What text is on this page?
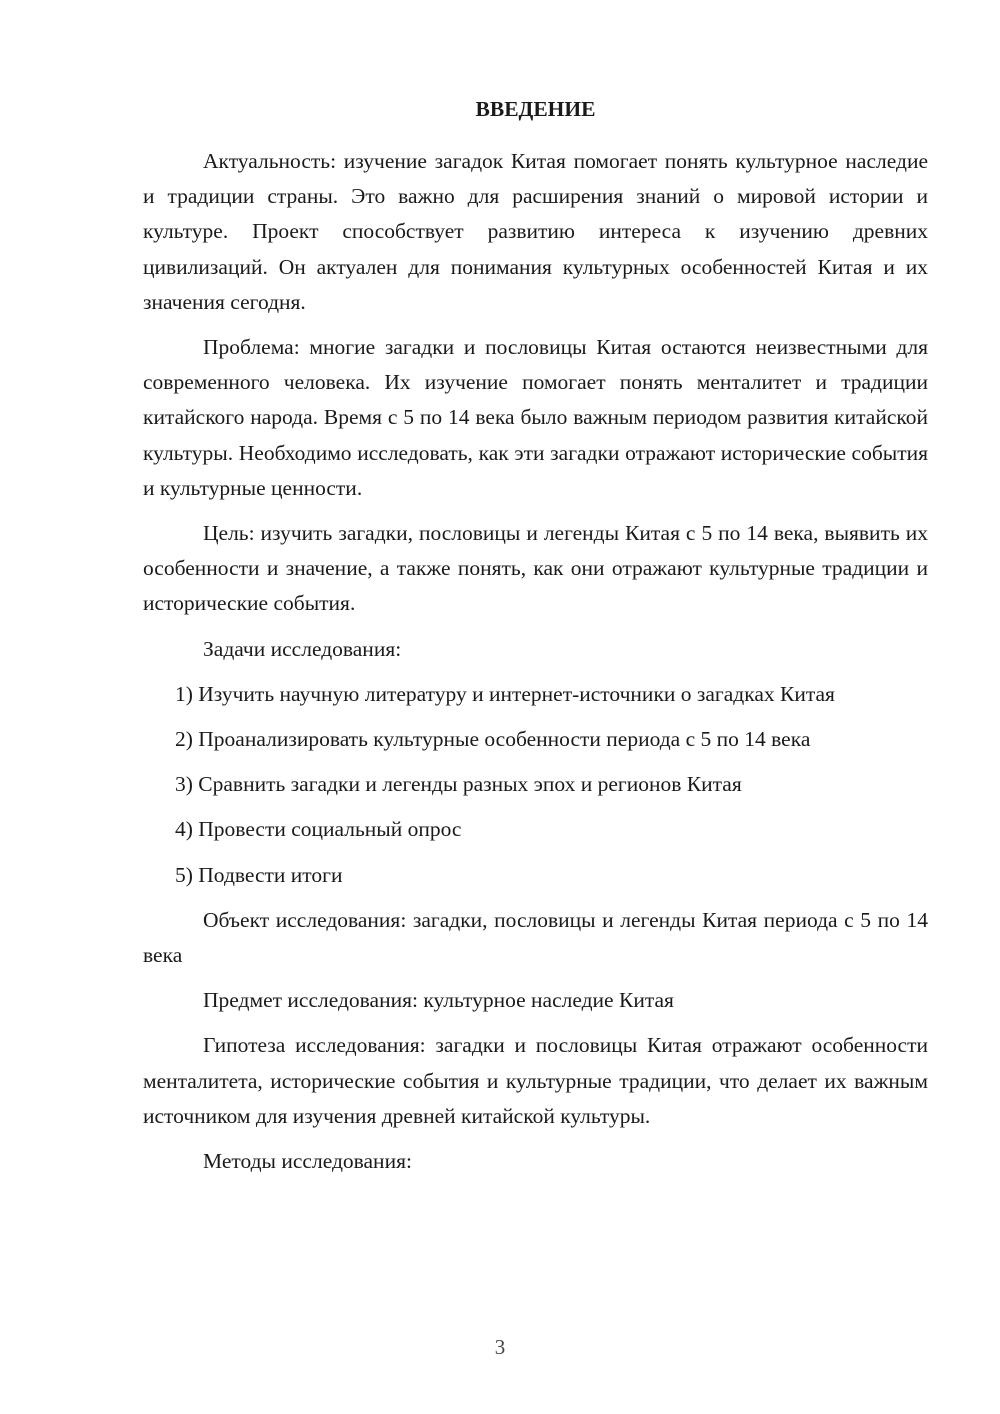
ВВЕДЕНИЕ

Актуальность: изучение загадок Китая помогает понять культурное наследие и традиции страны. Это важно для расширения знаний о мировой истории и культуре. Проект способствует развитию интереса к изучению древних цивилизаций. Он актуален для понимания культурных особенностей Китая и их значения сегодня.

Проблема: многие загадки и пословицы Китая остаются неизвестными для современного человека. Их изучение помогает понять менталитет и традиции китайского народа. Время с 5 по 14 века было важным периодом развития китайской культуры. Необходимо исследовать, как эти загадки отражают исторические события и культурные ценности.

Цель: изучить загадки, пословицы и легенды Китая с 5 по 14 века, выявить их особенности и значение, а также понять, как они отражают культурные традиции и исторические события.

Задачи исследования:

1) Изучить научную литературу и интернет-источники о загадках Китая

2) Проанализировать культурные особенности периода с 5 по 14 века

3) Сравнить загадки и легенды разных эпох и регионов Китая

4) Провести социальный опрос

5) Подвести итоги

Объект исследования: загадки, пословицы и легенды Китая периода с 5 по 14 века

Предмет исследования: культурное наследие Китая

Гипотеза исследования: загадки и пословицы Китая отражают особенности менталитета, исторические события и культурные традиции, что делает их важным источником для изучения древней китайской культуры.

Методы исследования:

3
